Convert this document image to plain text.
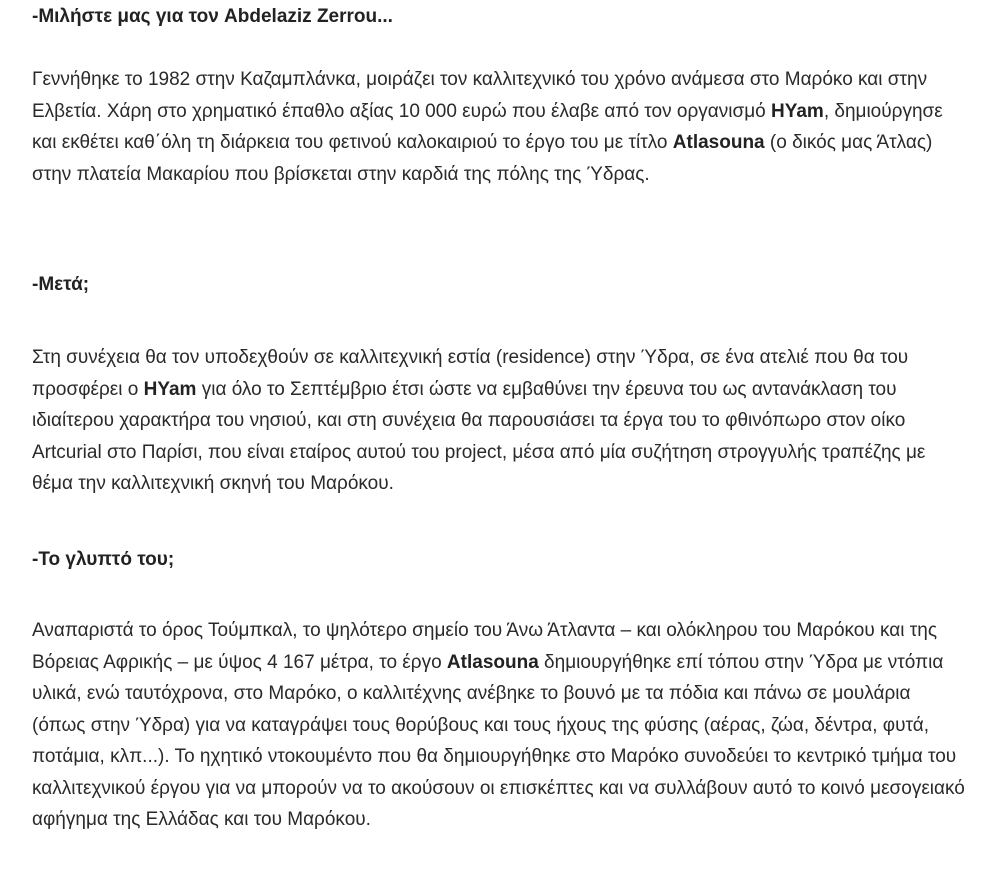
-Μιλήστε μας για τον Abdelaziz Zerrou...

Γεννήθηκε το 1982 στην Καζαμπλάνκα, μοιράζει τον καλλιτεχνικό του χρόνο ανάμεσα στο Μαρόκο και στην Ελβετία. Χάρη στο χρηματικό έπαθλο αξίας 10 000 ευρώ που έλαβε από τον οργανισμό HYam, δημιούργησε και εκθέτει καθ΄όλη τη διάρκεια του φετινού καλοκαιριού το έργο του με τίτλο Atlasouna (ο δικός μας Άτλας) στην πλατεία Μακαρίου που βρίσκεται στην καρδιά της πόλης της Ύδρας.

-Μετά;

Στη συνέχεια θα τον υποδεχθούν σε καλλιτεχνική εστία (residence) στην Ύδρα, σε ένα ατελιέ που θα του προσφέρει ο HYam για όλο το Σεπτέμβριο έτσι ώστε να εμβαθύνει την έρευνα του ως αντανάκλαση του ιδιαίτερου χαρακτήρα του νησιού, και στη συνέχεια θα παρουσιάσει τα έργα του το φθινόπωρο στον οίκο Artcurial στο Παρίσι, που είναι εταίρος αυτού του project, μέσα από μία συζήτηση στρογγυλής τραπέζης με θέμα την καλλιτεχνική σκηνή του Μαρόκου.

-Το γλυπτό του;

Αναπαριστά το όρος Τούμπκαλ, το ψηλότερο σημείο του Άνω Άτλαντα – και ολόκληρου του Μαρόκου και της Βόρειας Αφρικής – με ύψος 4 167 μέτρα, το έργο Atlasouna δημιουργήθηκε επί τόπου στην Ύδρα με ντόπια υλικά, ενώ ταυτόχρονα, στο Μαρόκο, ο καλλιτέχνης ανέβηκε το βουνό με τα πόδια και πάνω σε μουλάρια (όπως στην Ύδρα) για να καταγράψει τους θορύβους και τους ήχους της φύσης (αέρας, ζώα, δέντρα, φυτά, ποτάμια, κλπ...). Το ηχητικό ντοκουμέντο που θα δημιουργήθηκε στο Μαρόκο συνοδεύει το κεντρικό τμήμα του καλλιτεχνικού έργου για να μπορούν να το ακούσουν οι επισκέπτες και να συλλάβουν αυτό το κοινό μεσογειακό αφήγημα της Ελλάδας και του Μαρόκου.
